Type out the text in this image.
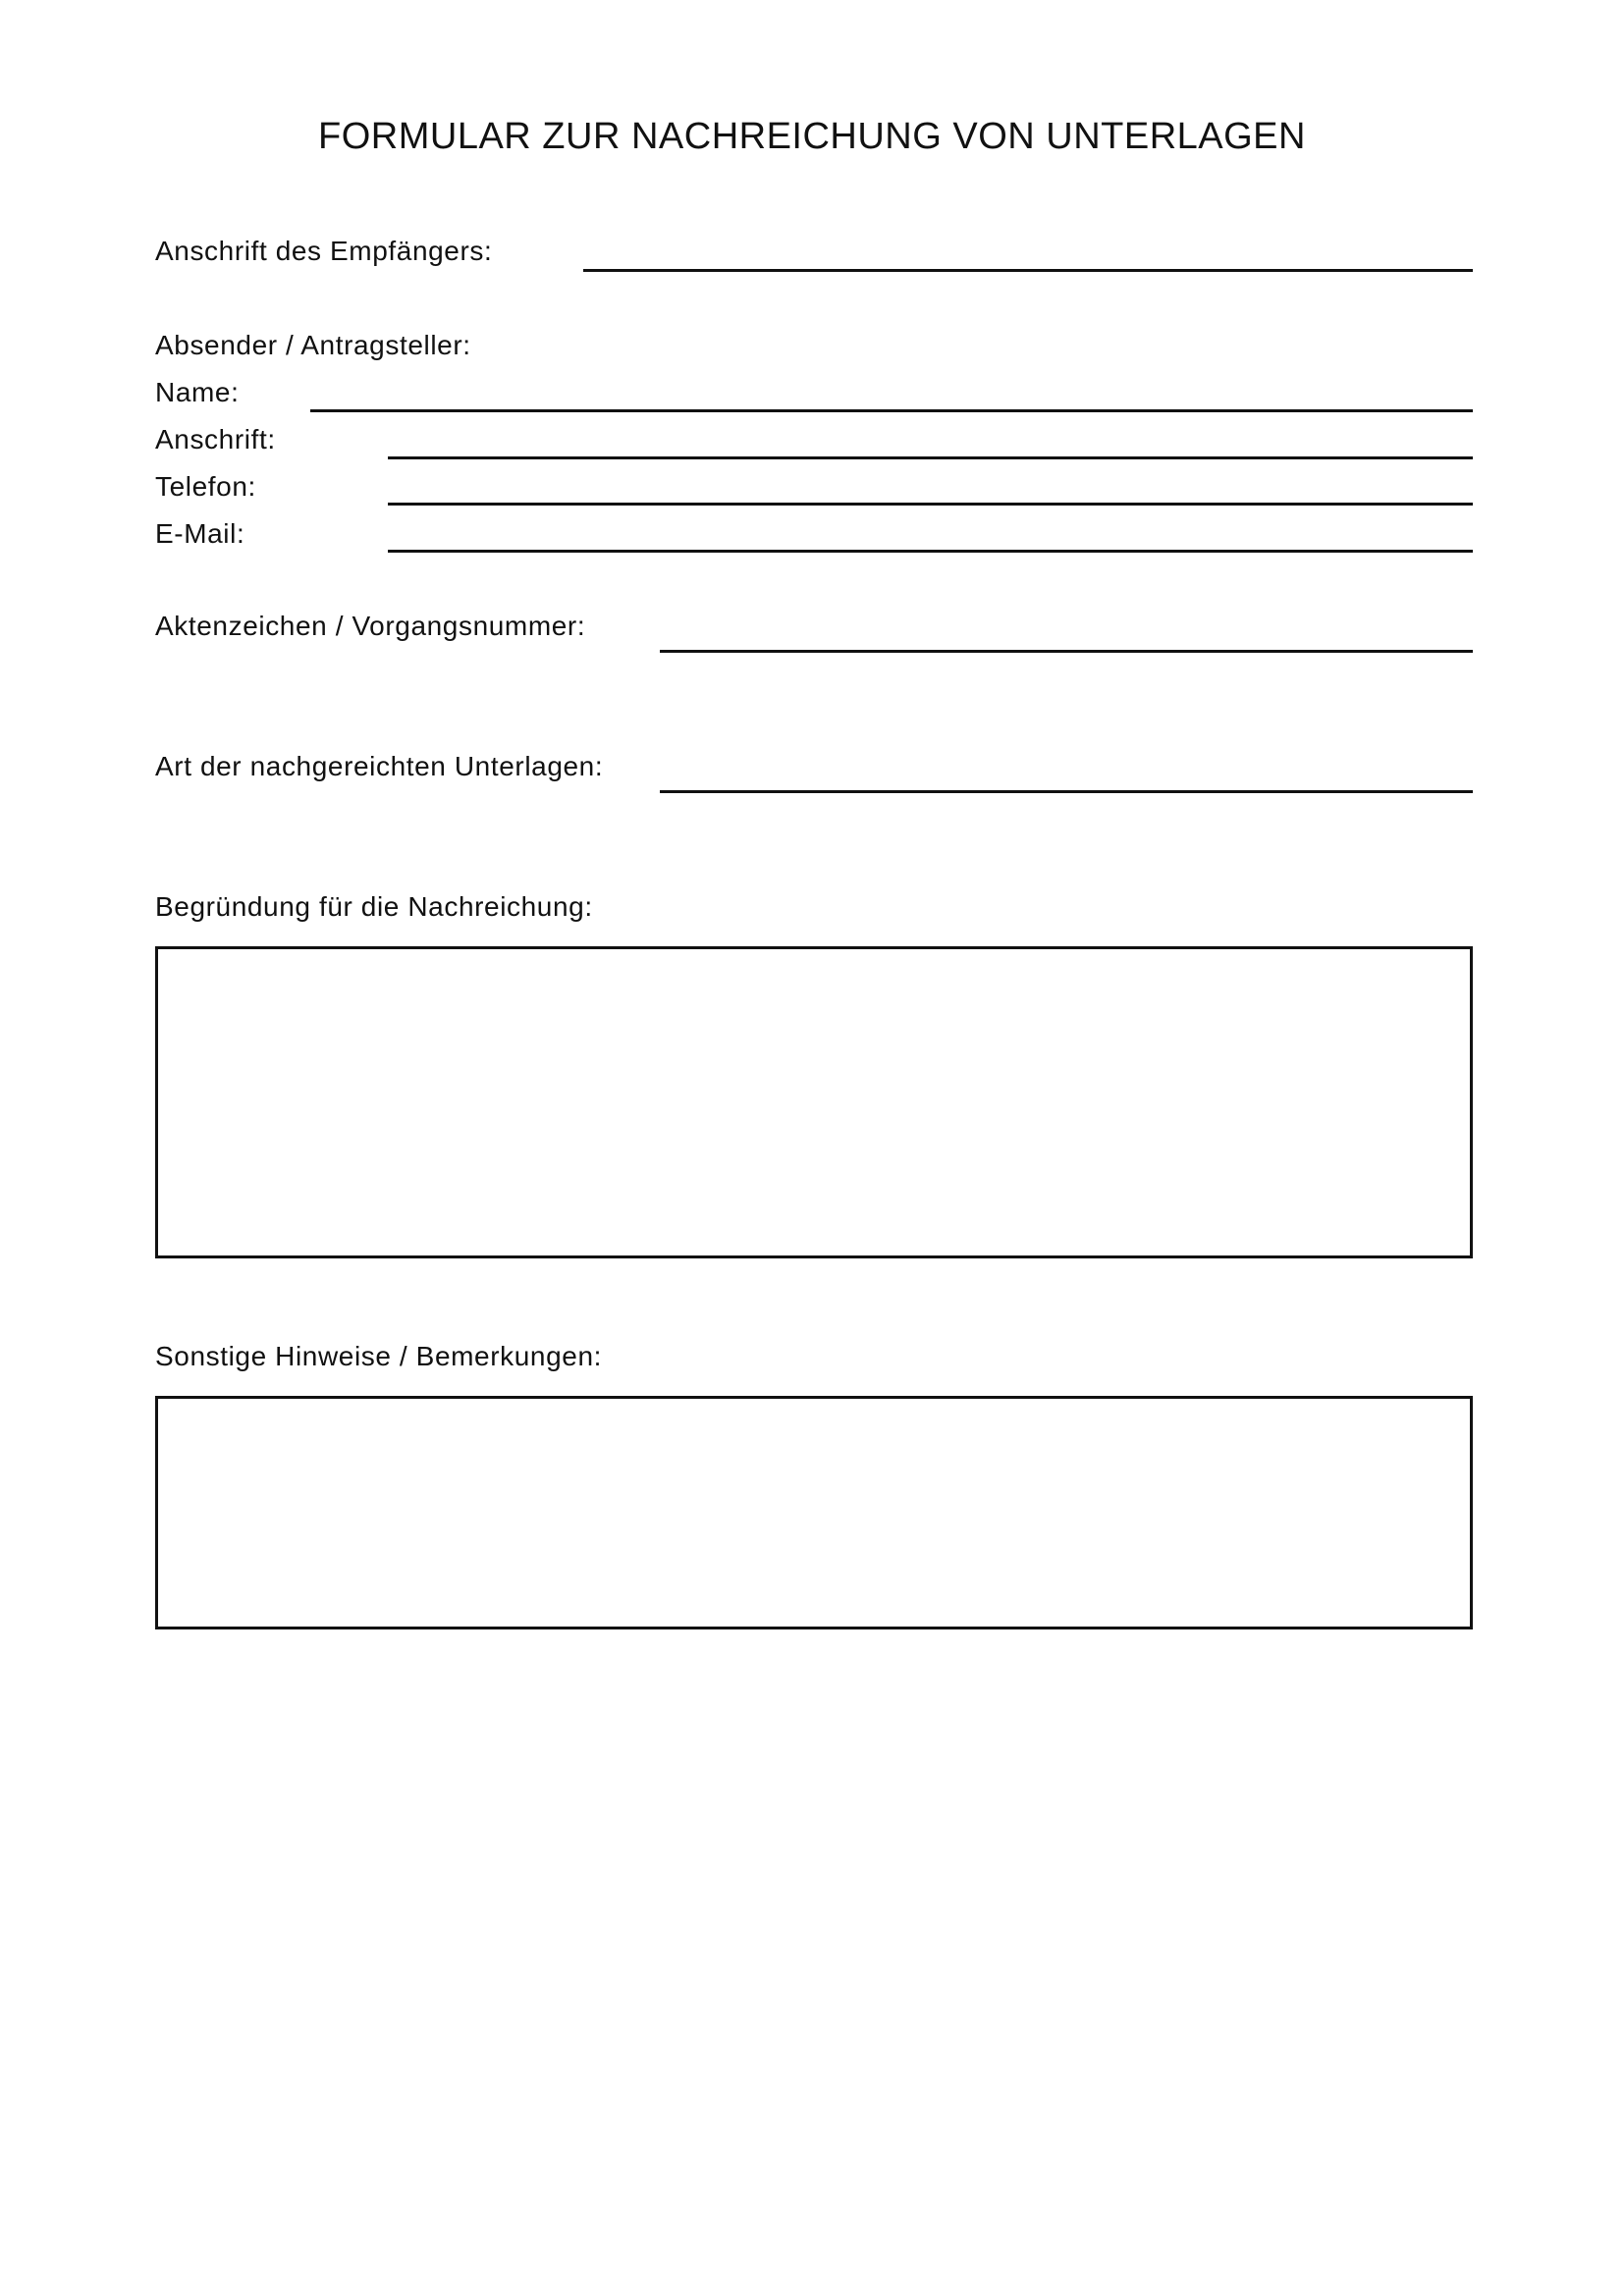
FORMULAR ZUR NACHREICHUNG VON UNTERLAGEN
Anschrift des Empfängers:
Absender / Antragsteller:
Name:
Anschrift:
Telefon:
E-Mail:
Aktenzeichen / Vorgangsnummer:
Art der nachgereichten Unterlagen:
Begründung für die Nachreichung:
Sonstige Hinweise / Bemerkungen:
